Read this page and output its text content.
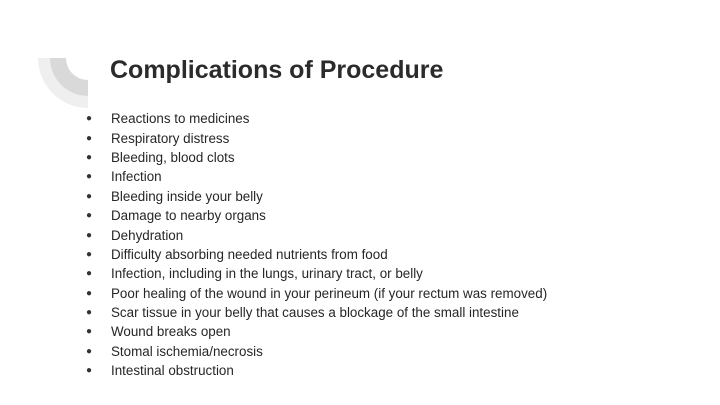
Complications of Procedure
●	Reactions to medicines
●	Respiratory distress
●	Bleeding, blood clots
●	Infection
●	Bleeding inside your belly
●	Damage to nearby organs
●	Dehydration
●	Difficulty absorbing needed nutrients from food
●	Infection, including in the lungs, urinary tract, or belly
●	Poor healing of the wound in your perineum (if your rectum was removed)
●	Scar tissue in your belly that causes a blockage of the small intestine
●	Wound breaks open
●	Stomal ischemia/necrosis
●	Intestinal obstruction
